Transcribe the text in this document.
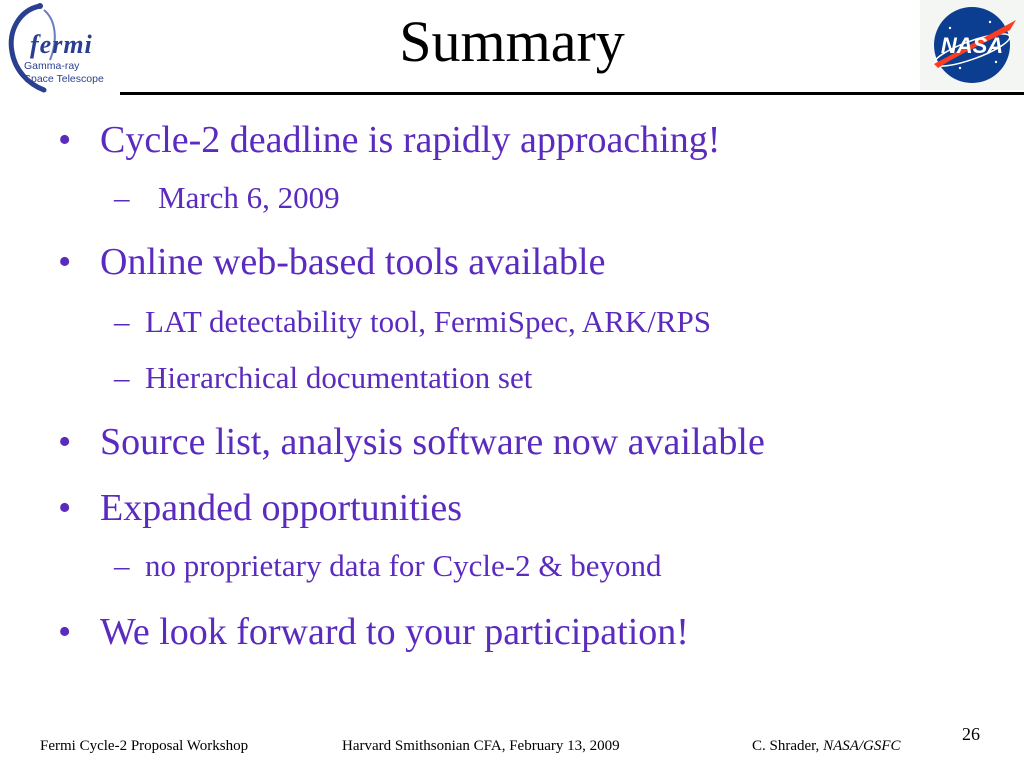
fermi
Gamma-ray
Space Telescope
Summary	NASA
• Cycle-2 deadline is rapidly approaching!
– March 6, 2009
• Online web-based tools available
– LAT detectability tool, FermiSpec, ARK/RPS
– Hierarchical documentation set
• Source list, analysis software now available
• Expanded opportunities
– no proprietary data for Cycle-2 & beyond
• We look forward to your participation!
26
Fermi Cycle-2 Proposal Workshop	Harvard Smithsonian CFA, February 13, 2009	C. Shrader, NASA/GSFC
